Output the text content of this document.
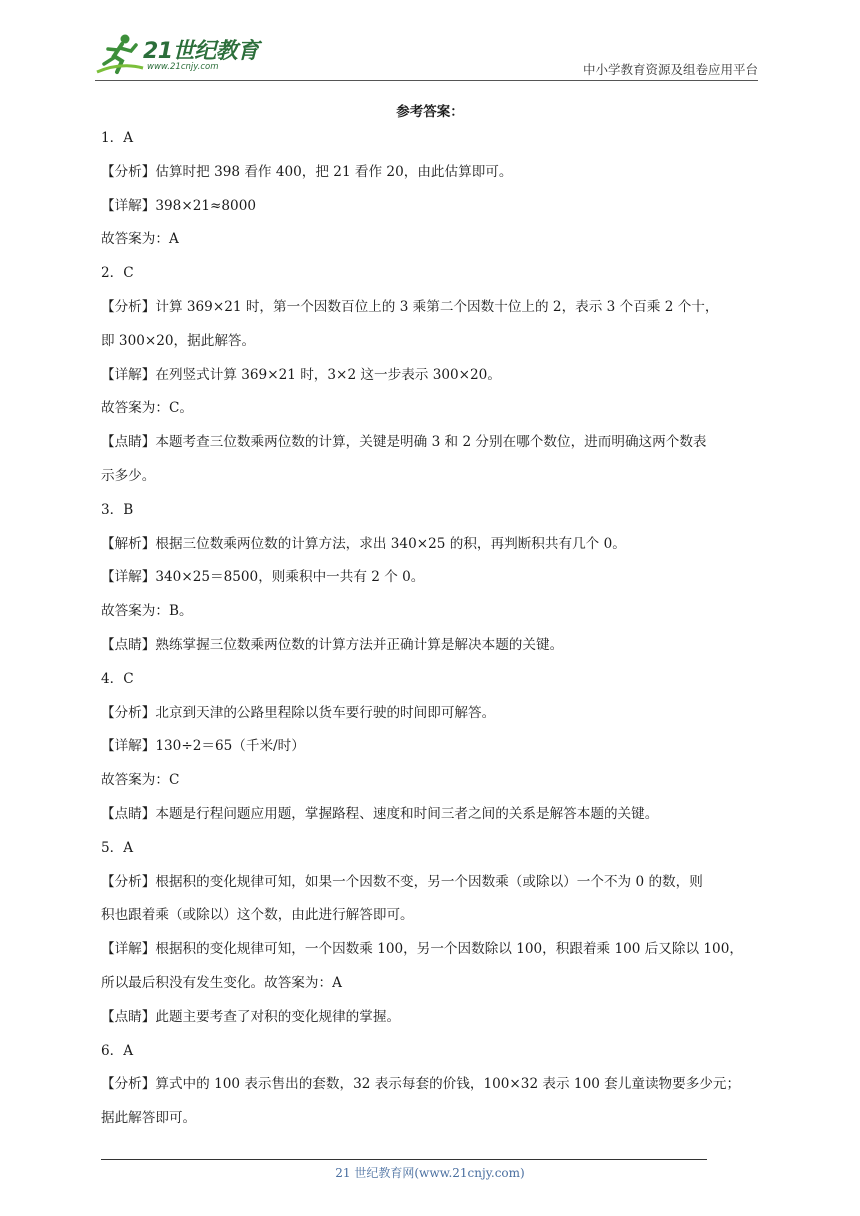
21世纪教育
www.21cnjy.com	中小学教育资源及组卷应用平台
参考答案：

1．A

【分析】估算时把 398 看作 400，把 21 看作 20，由此估算即可。

【详解】398×21≈8000

故答案为：A

2．C

【分析】计算 369×21 时，第一个因数百位上的 3 乘第二个因数十位上的 2，表示 3 个百乘 2 个十，

即 300×20，据此解答。

【详解】在列竖式计算 369×21 时，3×2 这一步表示 300×20。

故答案为：C。

【点睛】本题考查三位数乘两位数的计算，关键是明确 3 和 2 分别在哪个数位，进而明确这两个数表

示多少。

3．B

【解析】根据三位数乘两位数的计算方法，求出 340×25 的积，再判断积共有几个 0。

【详解】340×25＝8500，则乘积中一共有 2 个 0。

故答案为：B。

【点睛】熟练掌握三位数乘两位数的计算方法并正确计算是解决本题的关键。

4．C

【分析】北京到天津的公路里程除以货车要行驶的时间即可解答。

【详解】130÷2＝65（千米/时）

故答案为：C

【点睛】本题是行程问题应用题，掌握路程、速度和时间三者之间的关系是解答本题的关键。

5．A

【分析】根据积的变化规律可知，如果一个因数不变，另一个因数乘（或除以）一个不为 0 的数，则

积也跟着乘（或除以）这个数，由此进行解答即可。

【详解】根据积的变化规律可知，一个因数乘 100，另一个因数除以 100，积跟着乘 100 后又除以 100，

所以最后积没有发生变化。故答案为：A

【点睛】此题主要考查了对积的变化规律的掌握。

6．A

【分析】算式中的 100 表示售出的套数，32 表示每套的价钱，100×32 表示 100 套儿童读物要多少元；

据此解答即可。

21 世纪教育网(www.21cnjy.com)
